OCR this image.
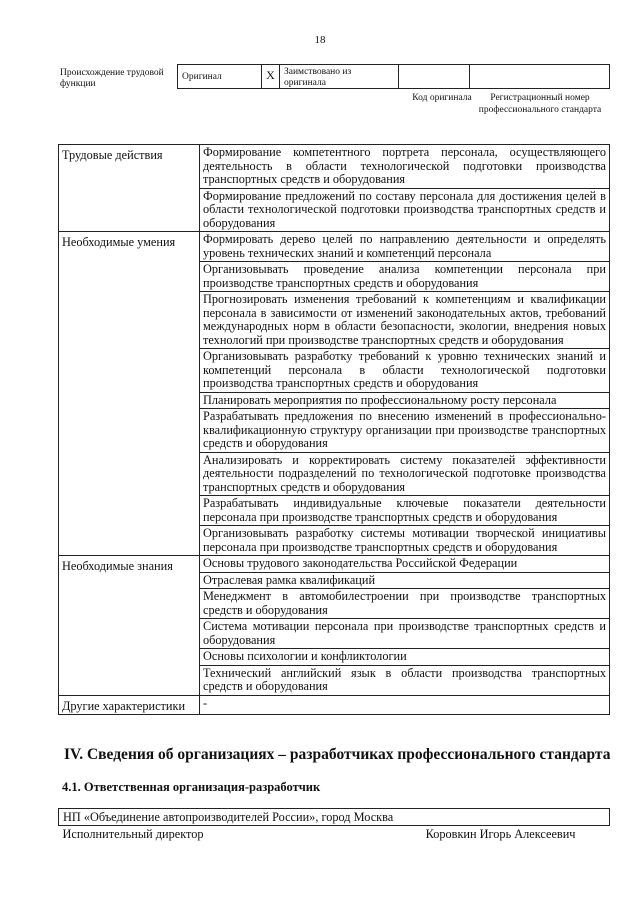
18
Происхождение трудовой функции
Оригинал	X Заимствовано из оригинала
Код оригинала	Регистрационный номер профессионального стандарта
Трудовые действия	Формирование компетентного портрета персонала, осуществляющего деятельность в области технологической подготовки производства транспортных средств и оборудования
	Формирование предложений по составу персонала для достижения целей в области технологической подготовки производства транспортных средств и оборудования
Необходимые умения	Формировать дерево целей по направлению деятельности и определять уровень технических знаний и компетенций персонала
	Организовывать проведение анализа компетенции персонала при производстве транспортных средств и оборудования
	Прогнозировать изменения требований к компетенциям и квалификации персонала в зависимости от изменений законодательных актов, требований международных норм в области безопасности, экологии, внедрения новых технологий при производстве транспортных средств и оборудования
	Организовывать разработку требований к уровню технических знаний и компетенций персонала в области технологической подготовки производства транспортных средств и оборудования
	Планировать мероприятия по профессиональному росту персонала
	Разрабатывать предложения по внесению изменений в профессионально-квалификационную структуру организации при производстве транспортных средств и оборудования
	Анализировать и корректировать систему показателей эффективности деятельности подразделений по технологической подготовке производства транспортных средств и оборудования
	Разрабатывать индивидуальные ключевые показатели деятельности персонала при производстве транспортных средств и оборудования
	Организовывать разработку системы мотивации творческой инициативы персонала при производстве транспортных средств и оборудования
Необходимые знания	Основы трудового законодательства Российской Федерации
	Отраслевая рамка квалификаций
	Менеджмент в автомобилестроении при производстве транспортных средств и оборудования
	Система мотивации персонала при производстве транспортных средств и оборудования
	Основы психологии и конфликтологии
	Технический английский язык в области производства транспортных средств и оборудования
Другие характеристики	-
IV. Сведения об организациях – разработчиках профессионального стандарта
4.1. Ответственная организация-разработчик
НП «Объединение автопроизводителей России», город Москва
Исполнительный директор	Коровкин Игорь Алексеевич
